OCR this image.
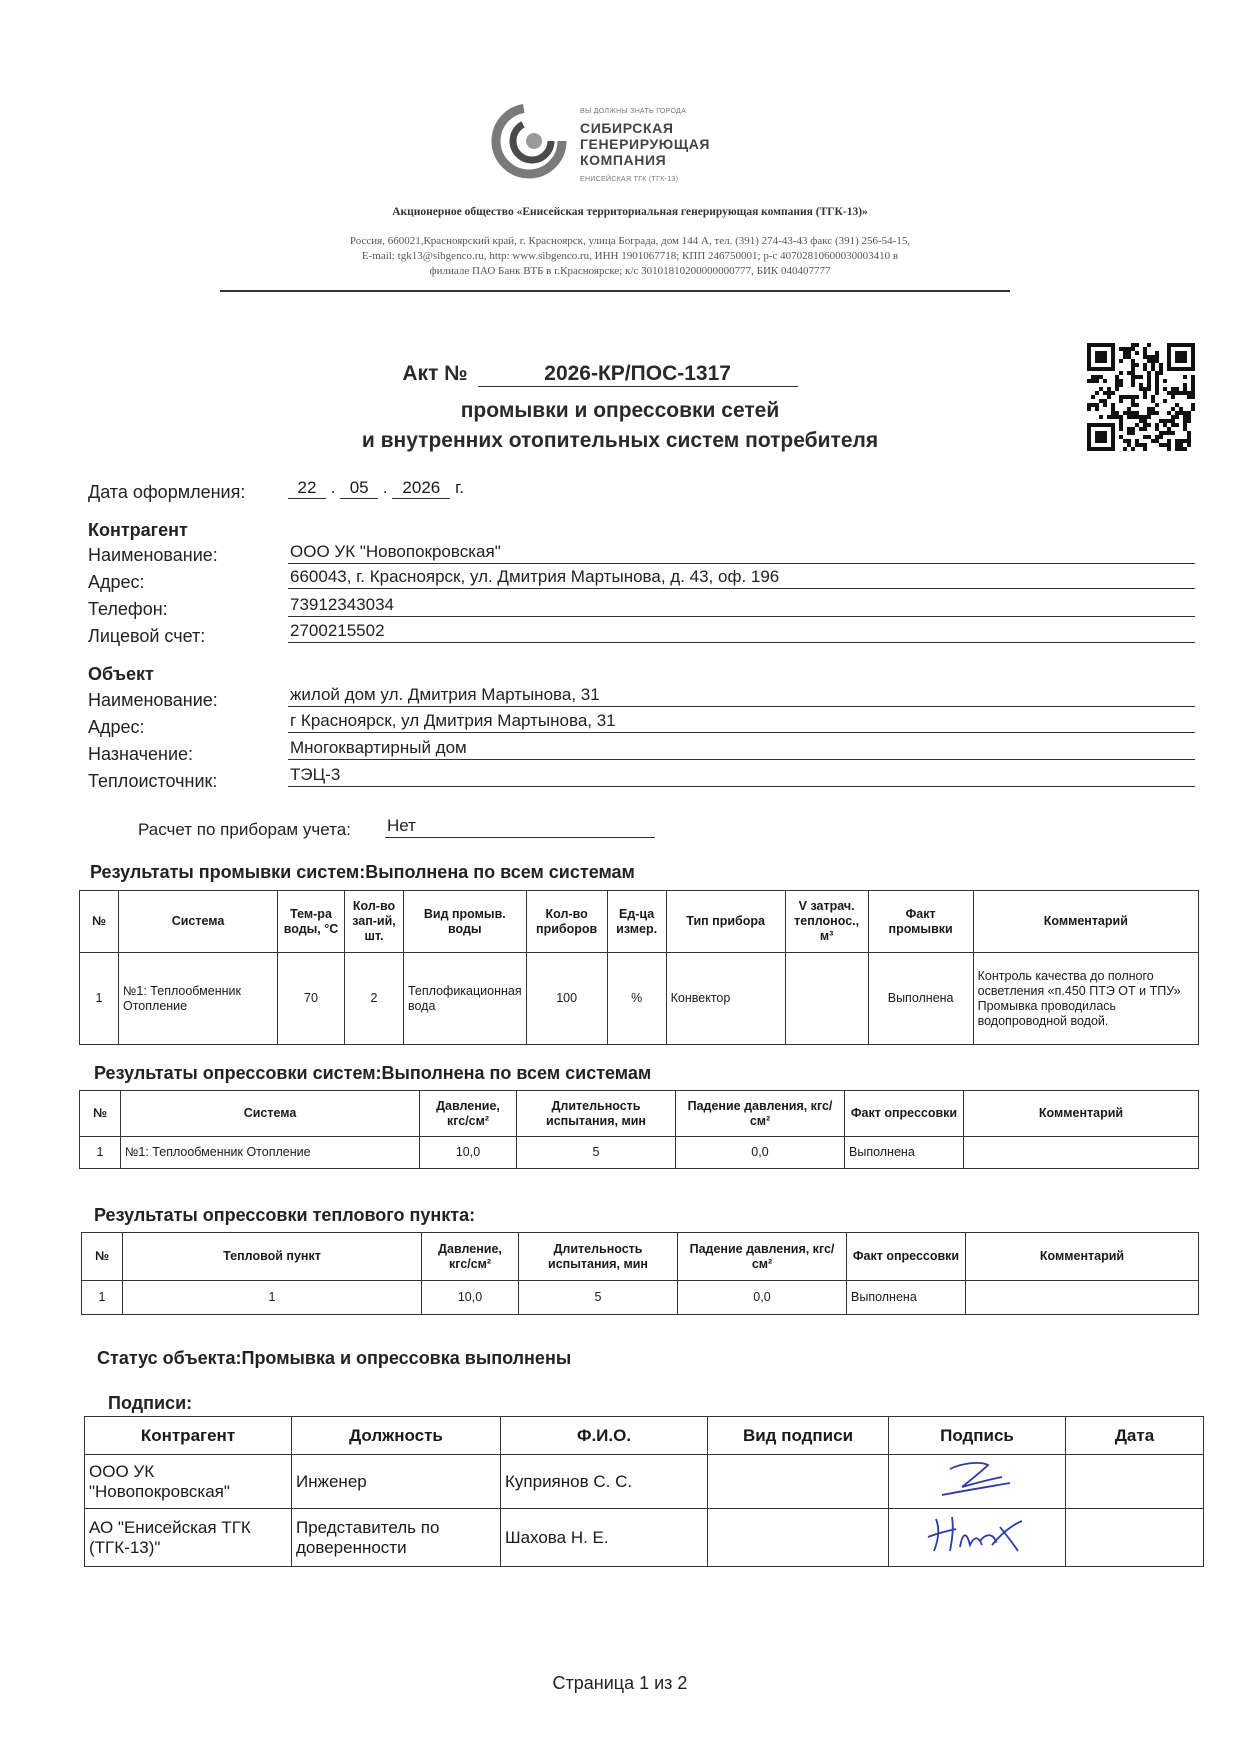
ВЫ ДОЛЖНЫ ЗНАТЬ ГОРОДА
СИБИРСКАЯ
ГЕНЕРИРУЮЩАЯ
КОМПАНИЯ
ЕНИСЕЙСКАЯ ТГК (ТГК-13)
Акционерное общество «Енисейская территориальная генерирующая компания (ТГК-13)»
Россия, 660021,Красноярский край, г. Красноярск, улица Бограда, дом 144 А, тел. (391) 274-43-43 факс (391) 256-54-15,
E-mail: tgk13@sibgenco.ru, http: www.sibgenco.ru, ИНН 1901067718; КПП 246750001; р-с 40702810600030003410 в
филиале ПАО Банк ВТБ в г.Красноярске; к/с 30101810200000000777, БИК 040407777
Акт №	2026-КР/ПОС-1317
промывки и опрессовки сетей
и внутренних отопительных систем потребителя
Дата оформления:	22 . 05 . 2026 г.
Контрагент
Наименование:	ООО УК "Новопокровская"
Адрес:	660043, г. Красноярск, ул. Дмитрия Мартынова, д. 43, оф. 196
Телефон:	73912343034
Лицевой счет:	2700215502
Объект
Наименование:	жилой дом ул. Дмитрия Мартынова, 31
Адрес:	г Красноярск, ул Дмитрия Мартынова, 31
Назначение:	Многоквартирный дом
Теплоисточник:	ТЭЦ-3
Расчет по приборам учета: Нет
Результаты промывки систем:Выполнена по всем системам
№	Система	Тем-ра воды, °С	Кол-во зап-ий, шт.	Вид промыв. воды	Кол-во приборов	Ед-ца измер.	Тип прибора	V затрач. теплонос., м³	Факт промывки	Комментарий
1	№1: Теплообменник Отопление	70	2	Теплофикационная вода	100	%	Конвектор		Выполнена	Контроль качества до полного осветления «п.450 ПТЭ ОТ и ТПУ» Промывка проводилась водопроводной водой.
Результаты опрессовки систем:Выполнена по всем системам
№	Система	Давление, кгс/см²	Длительность испытания, мин	Падение давления, кгс/см²	Факт опрессовки	Комментарий
1	№1: Теплообменник Отопление	10,0	5	0,0	Выполнена	
Результаты опрессовки теплового пункта:
№	Тепловой пункт	Давление, кгс/см²	Длительность испытания, мин	Падение давления, кгс/см²	Факт опрессовки	Комментарий
1	1	10,0	5	0,0	Выполнена	
Статус объекта:Промывка и опрессовка выполнены
Подписи:
Контрагент	Должность	Ф.И.О.	Вид подписи	Подпись	Дата
ООО УК "Новопокровская"	Инженер	Куприянов С. С.			
АО "Енисейская ТГК (ТГК-13)"	Представитель по доверенности	Шахова Н. Е.			
Страница 1 из 2
